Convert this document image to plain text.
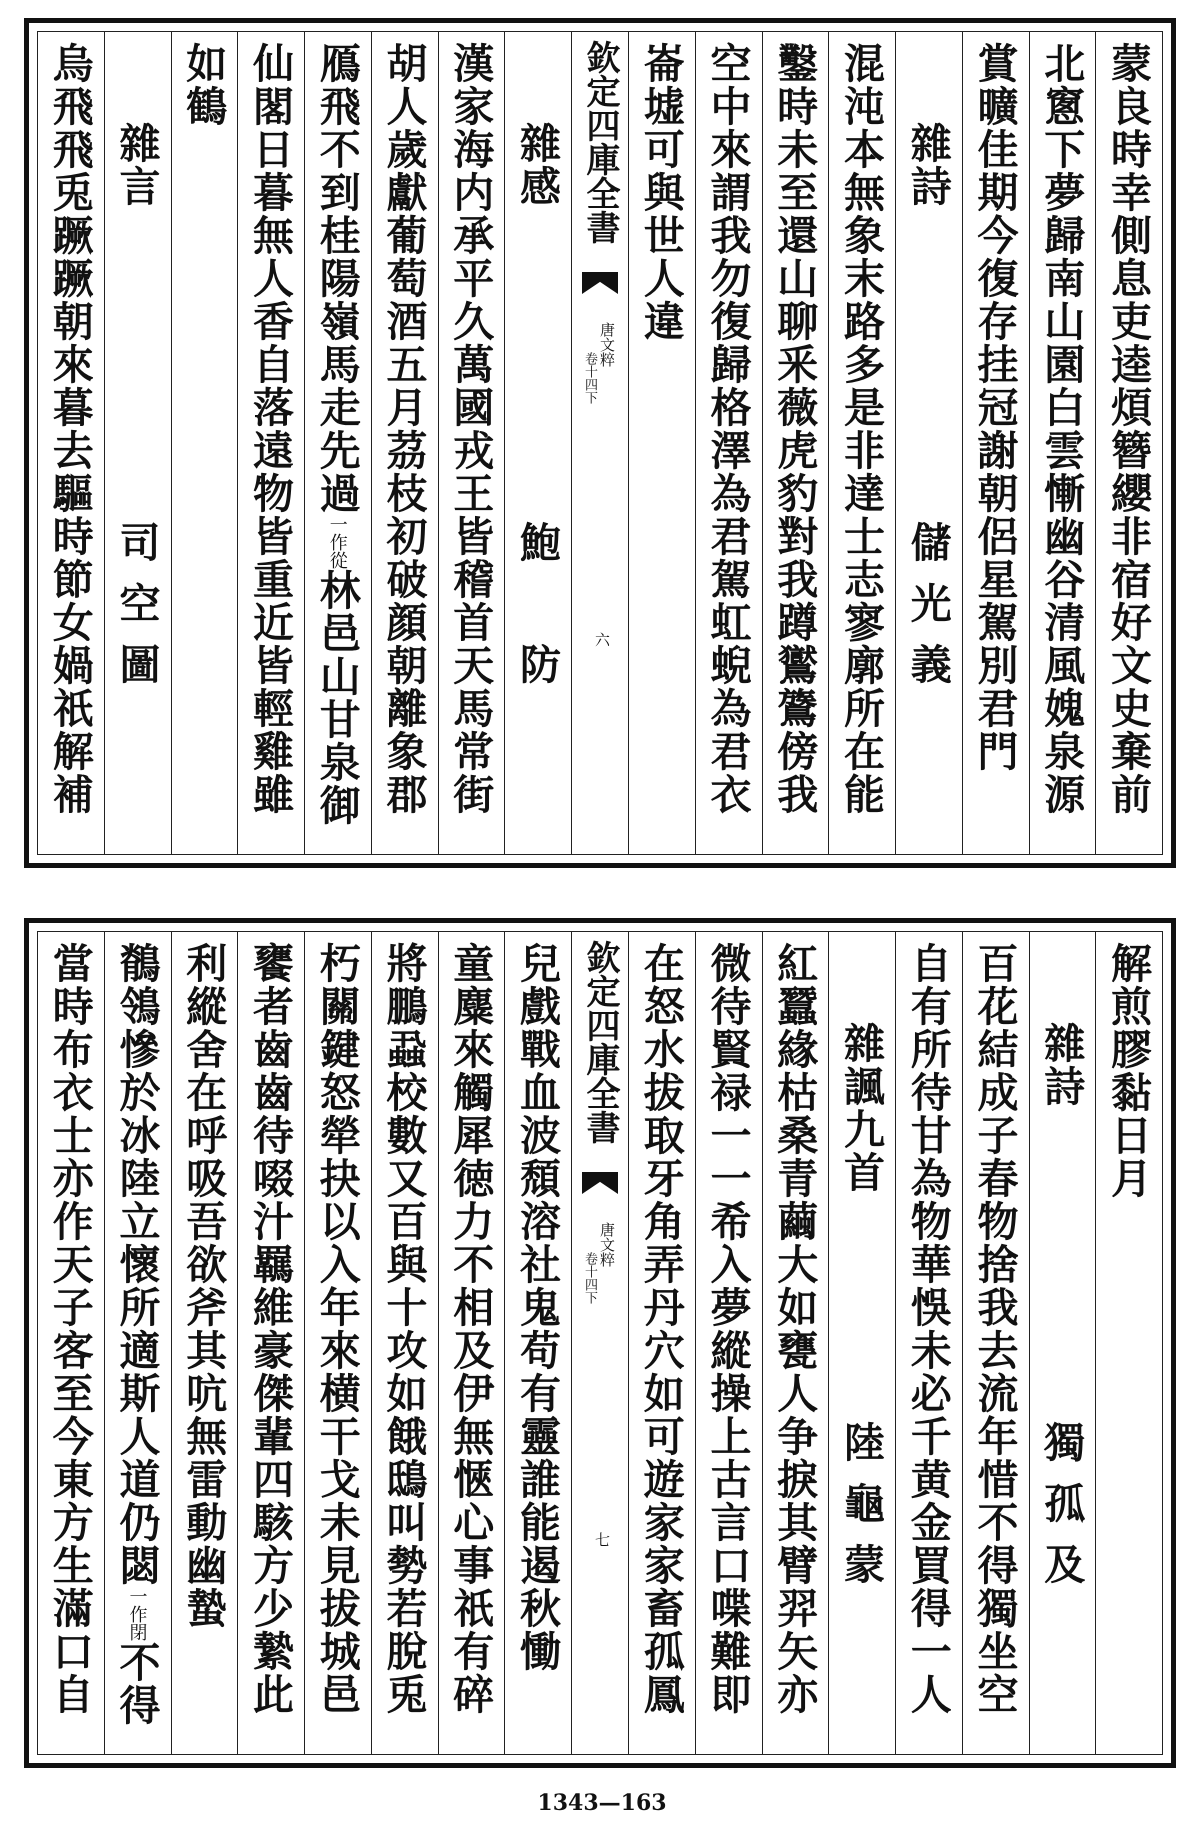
蒙良時幸側息吏逵煩簪纓非宿好文史棄前
北窻下夢歸南山園白雲慚幽谷清風媿泉源
賞曠佳期今復存挂冠謝朝侶星駕別君門
雜詩
儲光義
混沌本無象末路多是非達士志寥廓所在能
鑿時未至還山聊釆薇虎豹對我蹲鸑鷟傍我
空中來謂我勿復歸格澤為君駕虹蜺為君衣
崙墟可與世人違
欽定四庫全書
唐文粹
卷十四下
六
雜感
鮑　防
漢家海内承平久萬國戎王皆稽首天馬常街
胡人歲獻葡萄酒五月茘枝初破顔朝離象郡
鴈飛不到桂陽嶺馬走先過一作從林邑山甘泉御
仙閣日暮無人香自落遠物皆重近皆輕雞雖
如鶴
雜言
司空圖
烏飛飛兎蹶蹶朝來暮去驅時節女媧祇解補
解煎膠黏日月
雜詩
獨孤及
百花結成子春物捨我去流年惜不得獨坐空
自有所待甘為物華悞未必千黄金買得一人
雜諷九首
陸龜蒙
紅蠶緣枯桑青繭大如甕人争捩其臂羿矢亦
微待賢禄一一希入夢縱操上古言口喋難即
在怒水拔取牙角弄丹穴如可遊家家畜孤鳳
欽定四庫全書
唐文粹
卷十四下
七
兒戲戰血波頹溶社鬼苟有靈誰能遏秋慟
童麋來觸犀徳力不相及伊無愜心事祇有碎
將鵬蝨校數又百與十攻如餓鴟叫勢若脫兎
朽關鍵怒犖抉以入年來横干戈未見拔城邑
饔者齒齒待啜汁羈維豪傑輩四駭方少縶此
利縱舍在呼吸吾欲斧其吭無雷動幽蟄
鶺鴒慘於冰陸立懷所適斯人道仍閟一作閉不得
當時布衣士亦作天子客至今東方生滿口自
1343—163
